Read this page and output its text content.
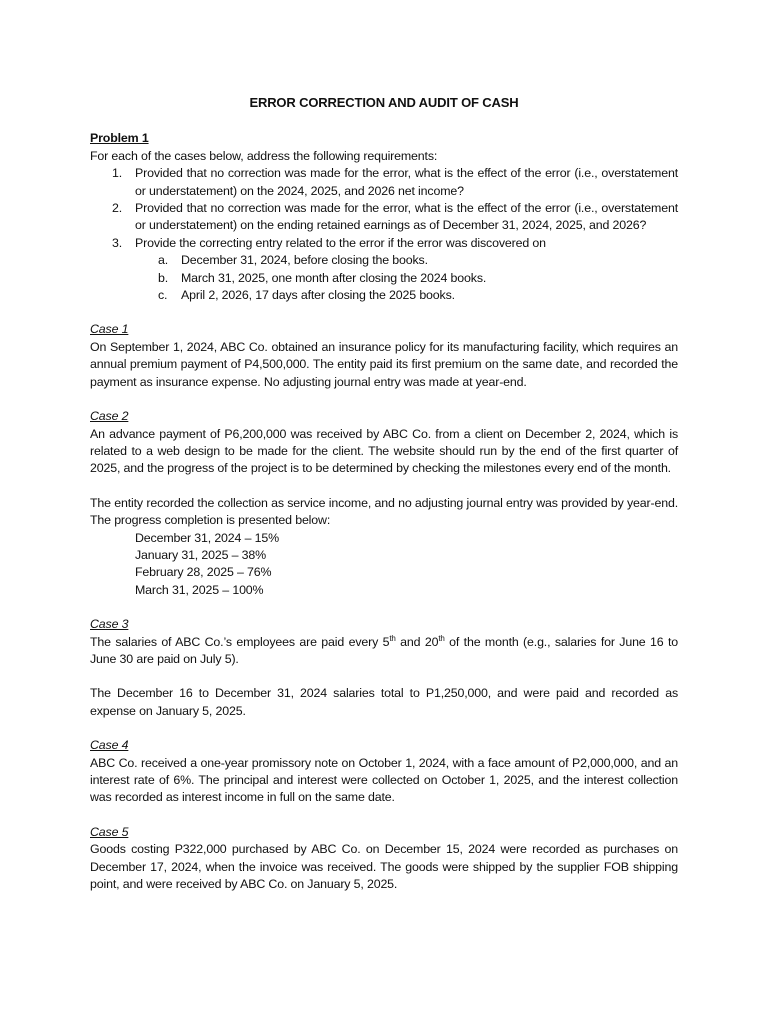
ERROR CORRECTION AND AUDIT OF CASH
Problem 1

For each of the cases below, address the following requirements:

1. Provided that no correction was made for the error, what is the effect of the error (i.e., overstatement or understatement) on the 2024, 2025, and 2026 net income?
2. Provided that no correction was made for the error, what is the effect of the error (i.e., overstatement or understatement) on the ending retained earnings as of December 31, 2024, 2025, and 2026?
3. Provide the correcting entry related to the error if the error was discovered on
a. December 31, 2024, before closing the books.
b. March 31, 2025, one month after closing the 2024 books.
c. April 2, 2026, 17 days after closing the 2025 books.
Case 1

On September 1, 2024, ABC Co. obtained an insurance policy for its manufacturing facility, which requires an annual premium payment of P4,500,000. The entity paid its first premium on the same date, and recorded the payment as insurance expense. No adjusting journal entry was made at year-end.

Case 2

An advance payment of P6,200,000 was received by ABC Co. from a client on December 2, 2024, which is related to a web design to be made for the client. The website should run by the end of the first quarter of 2025, and the progress of the project is to be determined by checking the milestones every end of the month.

The entity recorded the collection as service income, and no adjusting journal entry was provided by year-end. The progress completion is presented below:

December 31, 2024 – 15%
January 31, 2025 – 38%
February 28, 2025 – 76%
March 31, 2025 – 100%
Case 3

The salaries of ABC Co.’s employees are paid every 5th and 20th of the month (e.g., salaries for June 16 to June 30 are paid on July 5).

The December 16 to December 31, 2024 salaries total to P1,250,000, and were paid and recorded as expense on January 5, 2025.

Case 4

ABC Co. received a one-year promissory note on October 1, 2024, with a face amount of P2,000,000, and an interest rate of 6%. The principal and interest were collected on October 1, 2025, and the interest collection was recorded as interest income in full on the same date.

Case 5

Goods costing P322,000 purchased by ABC Co. on December 15, 2024 were recorded as purchases on December 17, 2024, when the invoice was received. The goods were shipped by the supplier FOB shipping point, and were received by ABC Co. on January 5, 2025.
